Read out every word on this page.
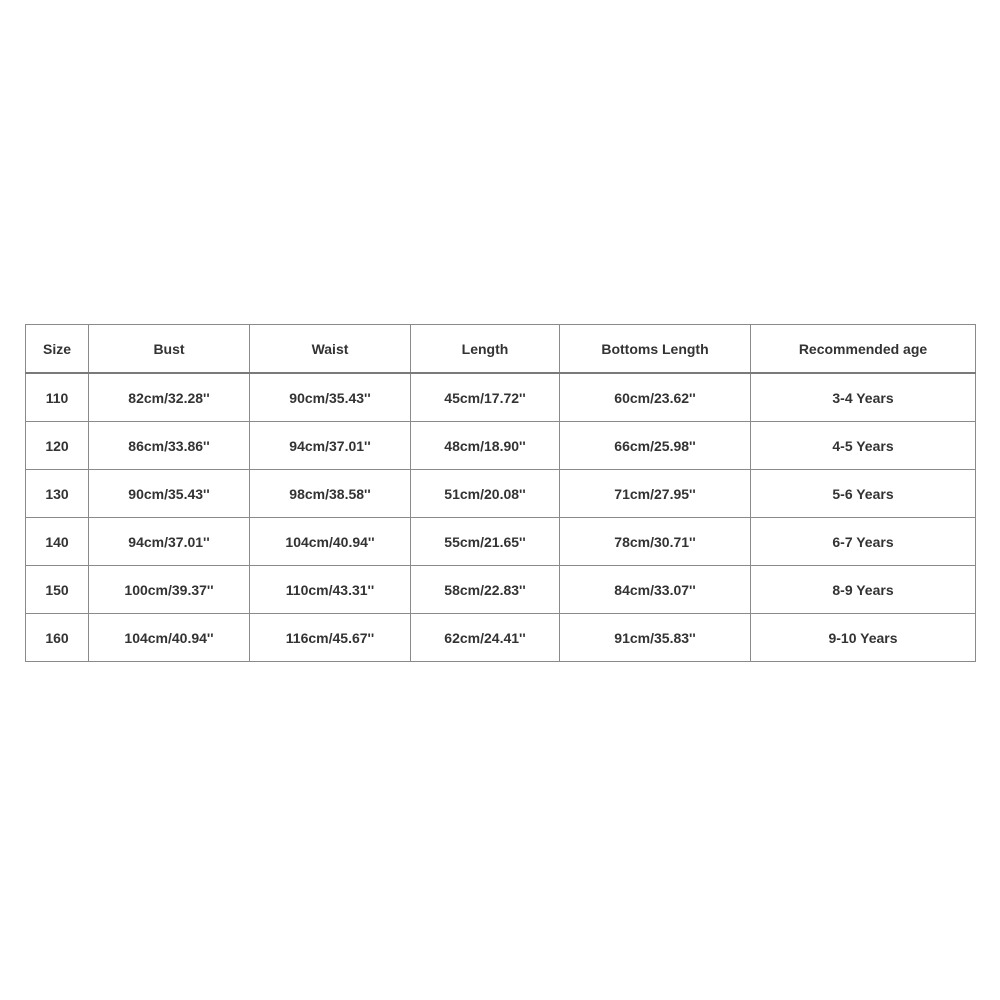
Size	Bust	Waist	Length	Bottoms Length	Recommended age
110	82cm/32.28''	90cm/35.43''	45cm/17.72''	60cm/23.62''	3-4 Years
120	86cm/33.86''	94cm/37.01''	48cm/18.90''	66cm/25.98''	4-5 Years
130	90cm/35.43''	98cm/38.58''	51cm/20.08''	71cm/27.95''	5-6 Years
140	94cm/37.01''	104cm/40.94''	55cm/21.65''	78cm/30.71''	6-7 Years
150	100cm/39.37''	110cm/43.31''	58cm/22.83''	84cm/33.07''	8-9 Years
160	104cm/40.94''	116cm/45.67''	62cm/24.41''	91cm/35.83''	9-10 Years
